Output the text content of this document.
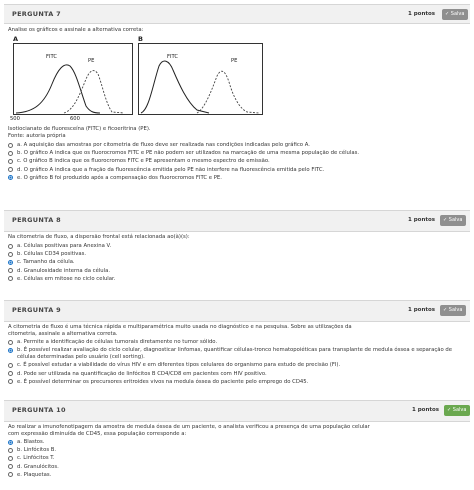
PERGUNTA 7	1 pontos	✓ Salva
Analise os gráficos e assinale a alternativa correta:
A	B
FITC
PE
500	600
FITC
PE
Isotiocianato de fluoresceína (FITC) e ficoeritrina (PE).
Fonte: autoria própria
a. A aquisição das amostras por citometria de fluxo deve ser realizada nas condições indicadas pelo gráfico A.
b. O gráfico A indica que os fluorocromos FITC e PE não podem ser utilizados na marcação de uma mesma população de células.
c. O gráfico B indica que os fluorocromos FITC e PE apresentam o mesmo espectro de emissão.
d. O gráfico A indica que a fração da fluorescência emitida pelo PE não interfere na fluorescência emitida pelo FITC.
e. O gráfico B foi produzido após a compensação dos fluorocromos FITC e PE.
PERGUNTA 8	1 pontos	✓ Salva
Na citometria de fluxo, a dispersão frontal está relacionada ao(à)(s):
a. Células positivas para Anexina V.
b. Células CD34 positivas.
c. Tamanho da célula.
d. Granulosidade interna da célula.
e. Células em mitose no ciclo celular.
PERGUNTA 9	1 pontos	✓ Salva
A citometria de fluxo é uma técnica rápida e multiparamétrica muito usada no diagnóstico e na pesquisa. Sobre as utilizações da
citometria, assinale a alternativa correta.
a. Permite a identificação de células tumorais diretamente no tumor sólido.
b. É possível realizar avaliação do ciclo celular, diagnosticar linfomas, quantificar células-tronco hematopoiéticas para transplante de medula óssea e separação de células determinadas pelo usuário (cell sorting).
c. É possível estudar a viabilidade do vírus HIV e em diferentes tipos celulares do organismo para estudo de precisão (FI).
d. Pode ser utilizada na quantificação de linfócitos B CD4/CD8 em pacientes com HIV positivo.
e. É possível determinar os precursores eritroides vivos na medula óssea do paciente pelo emprego do CD45.
PERGUNTA 10	1 pontos	✓ Salva
Ao realizar a imunofenotipagem da amostra de medula óssea de um paciente, o analista verificou a presença de uma população celular
com expressão diminuída de CD45, essa população corresponde a:
a. Blastos.
b. Linfócitos B.
c. Linfócitos T.
d. Granulócitos.
e. Plaquetas.
